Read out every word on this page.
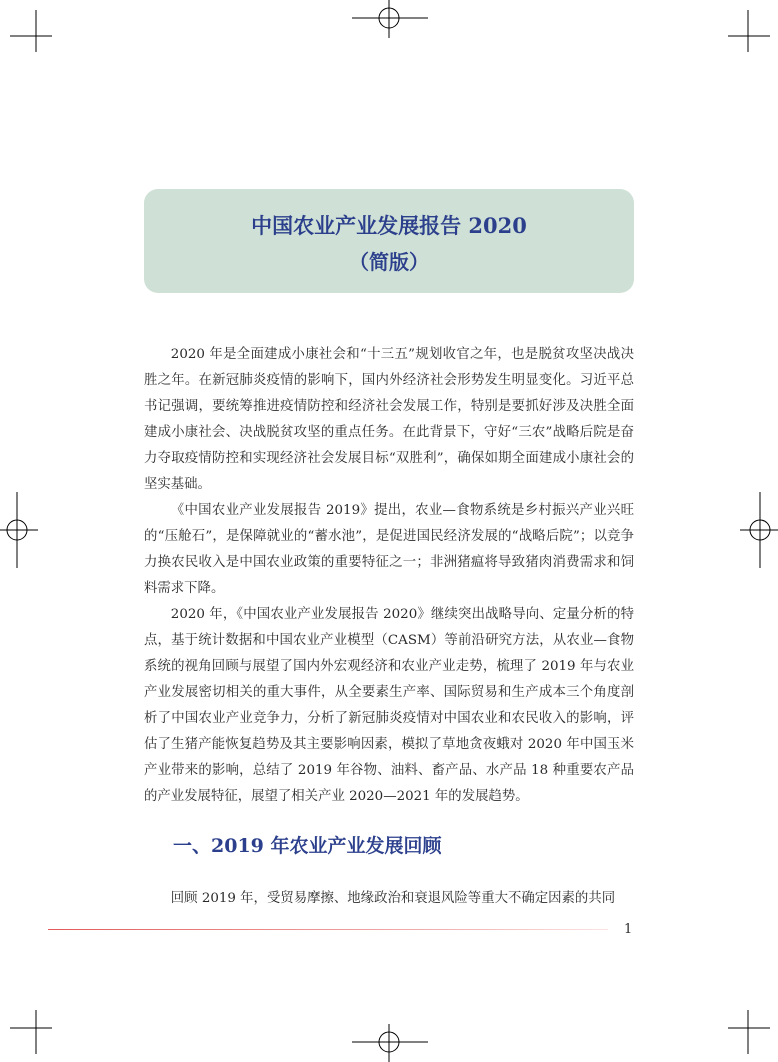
中国农业产业发展报告 2020
（简版）

2020 年是全面建成小康社会和“十三五”规划收官之年，也是脱贫攻坚决战决胜之年。在新冠肺炎疫情的影响下，国内外经济社会形势发生明显变化。习近平总书记强调，要统筹推进疫情防控和经济社会发展工作，特别是要抓好涉及决胜全面建成小康社会、决战脱贫攻坚的重点任务。在此背景下，守好“三农”战略后院是奋力夺取疫情防控和实现经济社会发展目标“双胜利”，确保如期全面建成小康社会的坚实基础。

《中国农业产业发展报告 2019》提出，农业—食物系统是乡村振兴产业兴旺的“压舱石”，是保障就业的“蓄水池”，是促进国民经济发展的“战略后院”；以竞争力换农民收入是中国农业政策的重要特征之一；非洲猪瘟将导致猪肉消费需求和饲料需求下降。

2020 年，《中国农业产业发展报告 2020》继续突出战略导向、定量分析的特点，基于统计数据和中国农业产业模型（CASM）等前沿研究方法，从农业—食物系统的视角回顾与展望了国内外宏观经济和农业产业走势，梳理了 2019 年与农业产业发展密切相关的重大事件，从全要素生产率、国际贸易和生产成本三个角度剖析了中国农业产业竞争力，分析了新冠肺炎疫情对中国农业和农民收入的影响，评估了生猪产能恢复趋势及其主要影响因素，模拟了草地贪夜蛾对 2020 年中国玉米产业带来的影响，总结了 2019 年谷物、油料、畜产品、水产品 18 种重要农产品的产业发展特征，展望了相关产业 2020—2021 年的发展趋势。

一、2019 年农业产业发展回顾

回顾 2019 年，受贸易摩擦、地缘政治和衰退风险等重大不确定因素的共同

1
